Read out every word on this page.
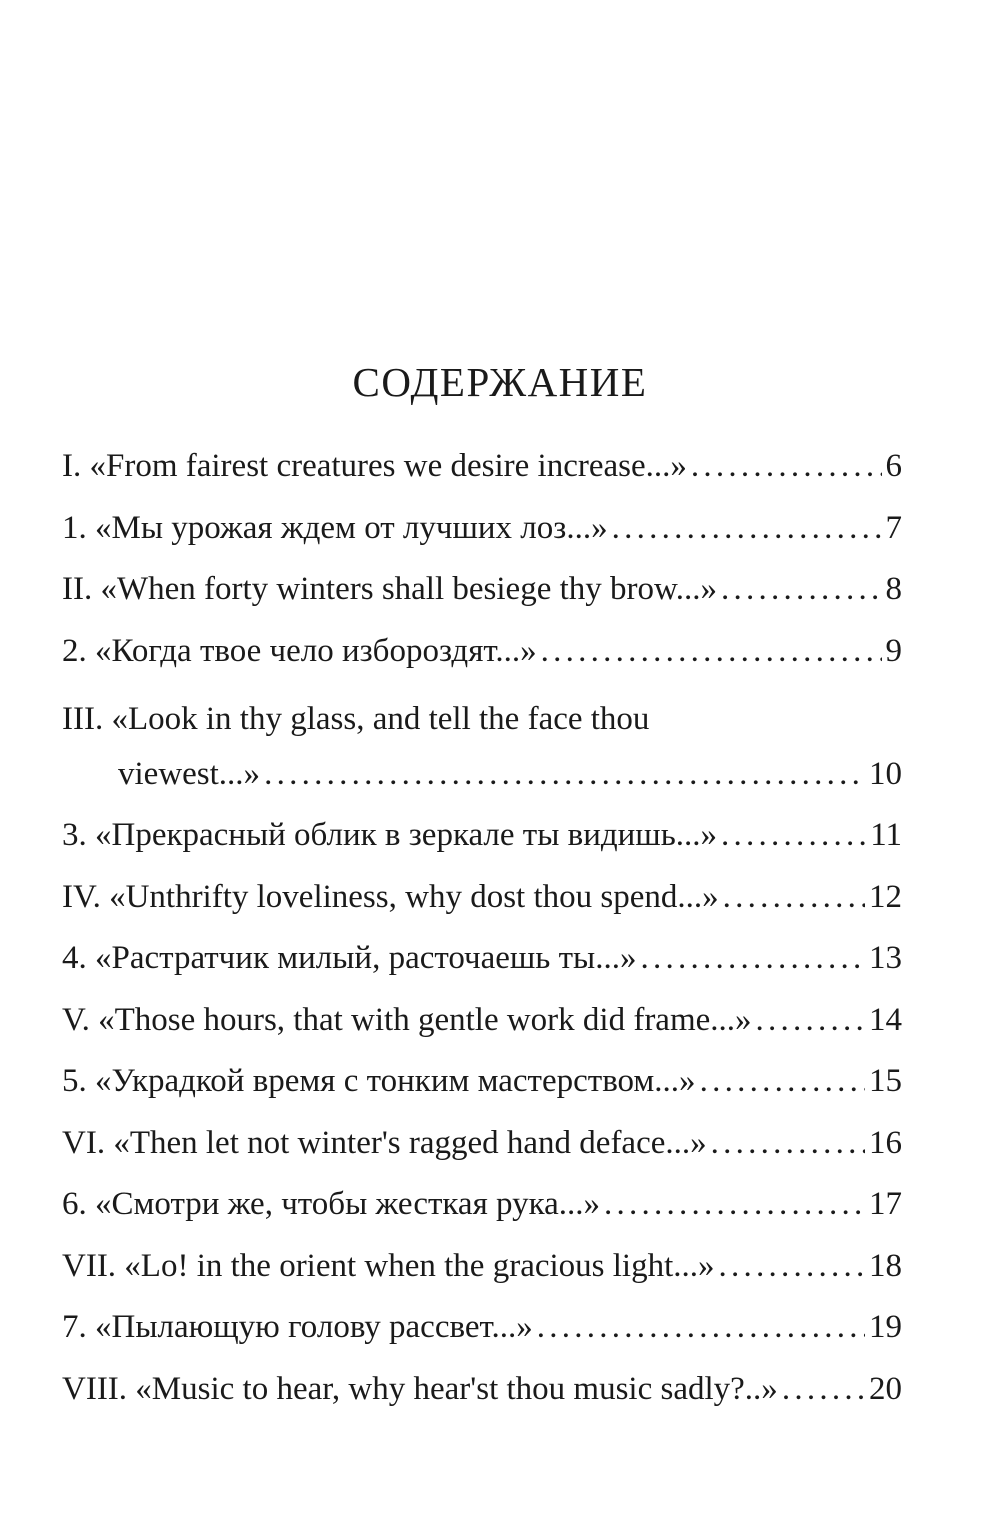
СОДЕРЖАНИЕ
I. «From fairest creatures we desire increase...» . . .	6
1. «Мы урожая ждем от лучших лоз...» . . .	7
II. «When forty winters shall besiege thy brow...» . . .	8
2. «Когда твое чело избороздят...» . . .	9
III. «Look in thy glass, and tell the face thou
viewest...» . . .	10
3. «Прекрасный облик в зеркале ты видишь...» . . .	11
IV. «Unthrifty loveliness, why dost thou spend...» . . .	12
4. «Растратчик милый, расточаешь ты...» . . .	13
V. «Those hours, that with gentle work did frame...» . . .	14
5. «Украдкой время с тонким мастерством...» . . .	15
VI. «Then let not winter's ragged hand deface...» . . .	16
6. «Смотри же, чтобы жесткая рука...» . . .	17
VII. «Lo! in the orient when the gracious light...» . . .	18
7. «Пылающую голову рассвет...» . . .	19
VIII. «Music to hear, why hear'st thou music sadly?..» . . .	20
